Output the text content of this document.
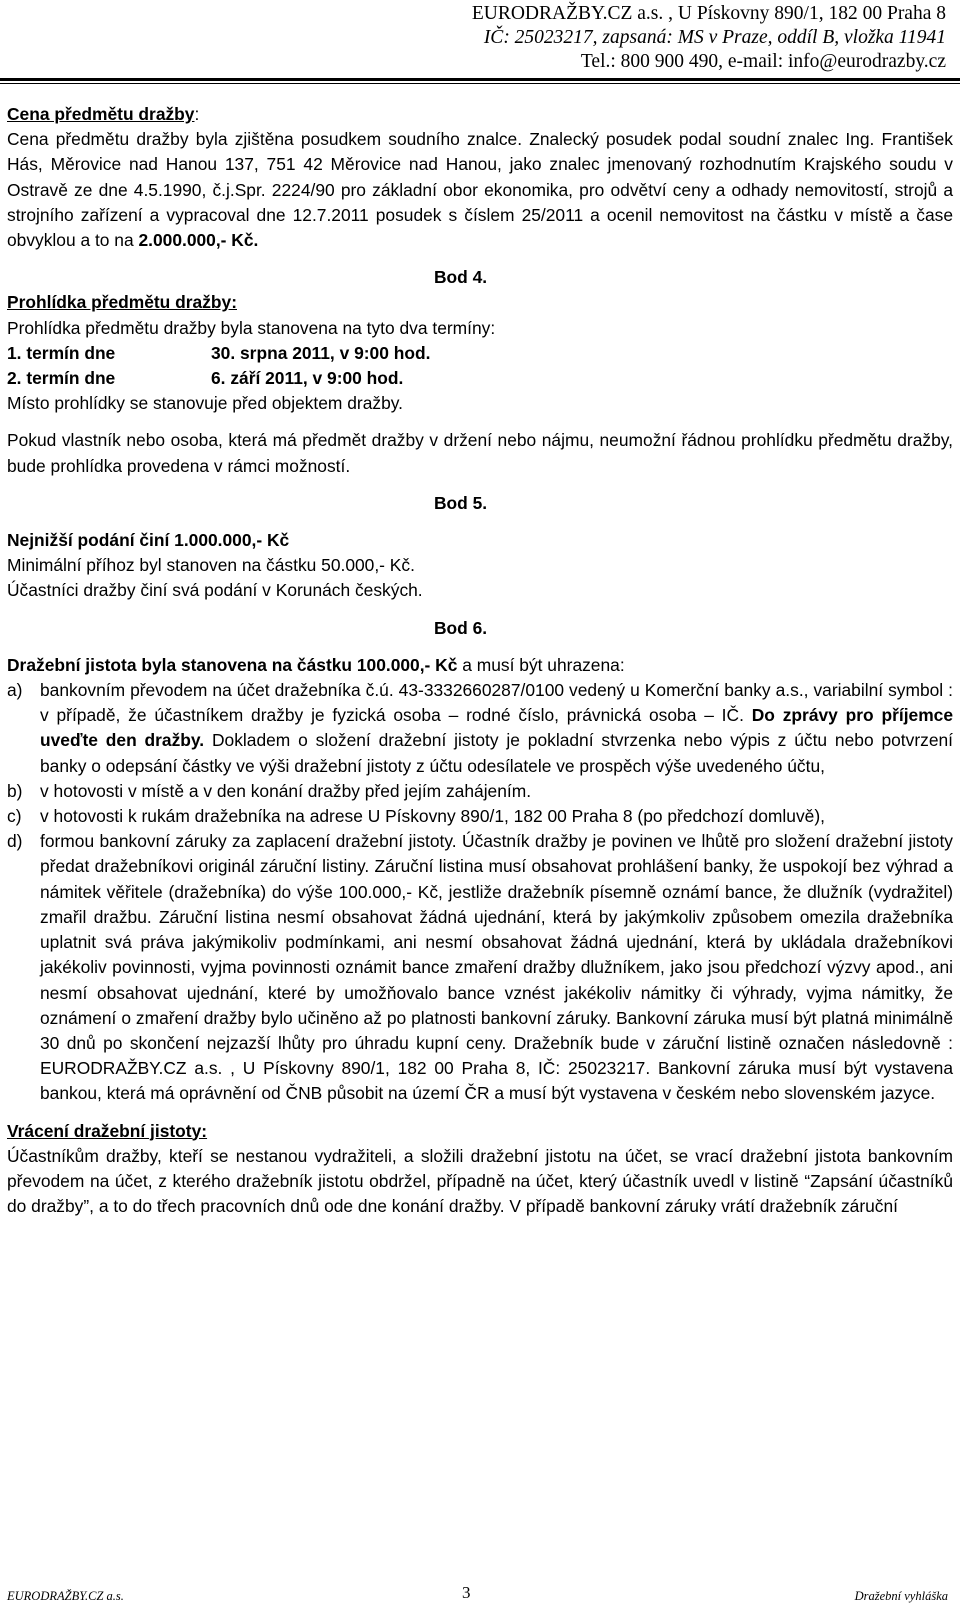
EURODRAŽBY.CZ a.s. , U Pískovny 890/1, 182 00 Praha 8
IČ: 25023217, zapsaná: MS v Praze, oddíl B, vložka 11941
Tel.: 800 900 490, e-mail: info@eurodrazby.cz

Cena předmětu dražby:

Cena předmětu dražby byla zjištěna posudkem soudního znalce. Znalecký posudek podal soudní znalec Ing. František Hás, Měrovice nad Hanou 137, 751 42 Měrovice nad Hanou, jako znalec jmenovaný rozhodnutím Krajského soudu v Ostravě ze dne 4.5.1990, č.j.Spr. 2224/90 pro základní obor ekonomika, pro odvětví ceny a odhady nemovitostí, strojů a strojního zařízení a vypracoval dne 12.7.2011 posudek s číslem 25/2011 a ocenil nemovitost na částku v místě a čase obvyklou a to na 2.000.000,- Kč.

Bod 4.

Prohlídka předmětu dražby:

Prohlídka předmětu dražby byla stanovena na tyto dva termíny:

1. termín dne	30. srpna 2011, v 9:00 hod.
2. termín dne	6. září 2011, v 9:00 hod.

Místo prohlídky se stanovuje před objektem dražby.

Pokud vlastník nebo osoba, která má předmět dražby v držení nebo nájmu, neumožní řádnou prohlídku předmětu dražby, bude prohlídka provedena v rámci možností.

Bod 5.

Nejnižší podání činí 1.000.000,- Kč

Minimální příhoz byl stanoven na částku 50.000,- Kč.

Účastníci dražby činí svá podání v Korunách českých.

Bod 6.

Dražební jistota byla stanovena na částku 100.000,- Kč a musí být uhrazena:

a)	bankovním převodem na účet dražebníka č.ú. 43-3332660287/0100 vedený u Komerční banky a.s., variabilní symbol : v případě, že účastníkem dražby je fyzická osoba – rodné číslo, právnická osoba – IČ. Do zprávy pro příjemce uveďte den dražby. Dokladem o složení dražební jistoty je pokladní stvrzenka nebo výpis z účtu nebo potvrzení banky o odepsání částky ve výši dražební jistoty z účtu odesílatele ve prospěch výše uvedeného účtu,
b)	v hotovosti v místě a v den konání dražby před jejím zahájením.
c)	v hotovosti k rukám dražebníka na adrese U Pískovny 890/1, 182 00 Praha 8 (po předchozí domluvě),
d)	formou bankovní záruky za zaplacení dražební jistoty. Účastník dražby je povinen ve lhůtě pro složení dražební jistoty předat dražebníkovi originál záruční listiny. Záruční listina musí obsahovat prohlášení banky, že uspokojí bez výhrad a námitek věřitele (dražebníka) do výše 100.000,- Kč, jestliže dražebník písemně oznámí bance, že dlužník (vydražitel) zmařil dražbu. Záruční listina nesmí obsahovat žádná ujednání, která by jakýmkoliv způsobem omezila dražebníka uplatnit svá práva jakýmikoliv podmínkami, ani nesmí obsahovat žádná ujednání, která by ukládala dražebníkovi jakékoliv povinnosti, vyjma povinnosti oznámit bance zmaření dražby dlužníkem, jako jsou předchozí výzvy apod., ani nesmí obsahovat ujednání, které by umožňovalo bance vznést jakékoliv námitky či výhrady, vyjma námitky, že oznámení o zmaření dražby bylo učiněno až po platnosti bankovní záruky. Bankovní záruka musí být platná minimálně 30 dnů po skončení nejzazší lhůty pro úhradu kupní ceny. Dražebník bude v záruční listině označen následovně : EURODRAŽBY.CZ a.s. , U Pískovny 890/1, 182 00 Praha 8, IČ: 25023217. Bankovní záruka musí být vystavena bankou, která má oprávnění od ČNB působit na území ČR a musí být vystavena v českém nebo slovenském jazyce.

Vrácení dražební jistoty:

Účastníkům dražby, kteří se nestanou vydražiteli, a složili dražební jistotu na účet, se vrací dražební jistota bankovním převodem na účet, z kterého dražebník jistotu obdržel, případně na účet, který účastník uvedl v listině “Zapsání účastníků do dražby”, a to do třech pracovních dnů ode dne konání dražby. V případě bankovní záruky vrátí dražebník záruční

EURODRAŽBY.CZ a.s.	3	Dražební vyhláška
